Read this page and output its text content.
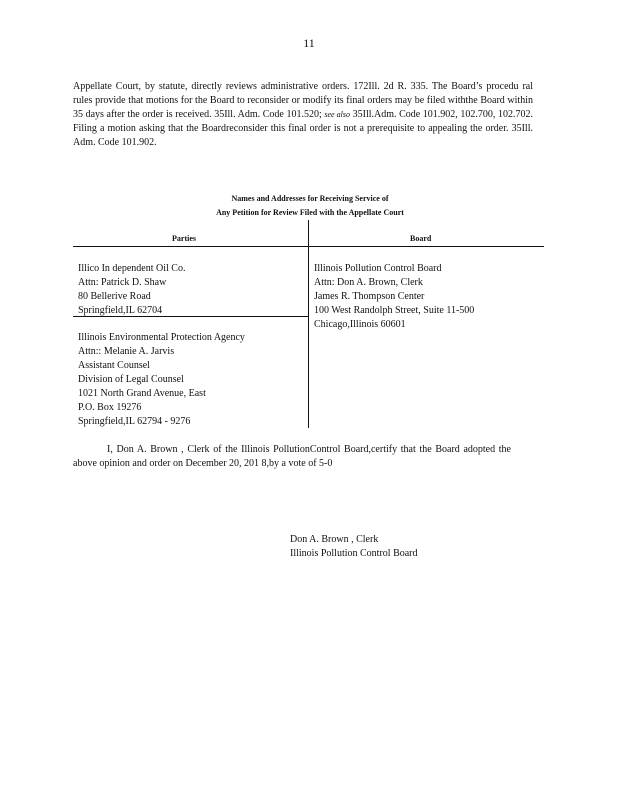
11

Appellate Court, by statute, directly reviews administrative orders. 172Ill. 2d R. 335. The Board’s procedu ral rules provide that motions for the Board to reconsider or modify its final orders may be filed withthe Board within 35 days after the order is received. 35Ill. Adm. Code 101.520; see also 35Ill.Adm. Code 101.902, 102.700, 102.702. Filing a motion asking that the Boardreconsider this final order is not a prerequisite to appealing the order. 35Ill. Adm. Code 101.902.

Names and Addresses for Receiving Service of
Any Petition for Review Filed with the Appellate Court
Parties	Board
Illico In dependent Oil Co.
Attn: Patrick D. Shaw
80 Bellerive Road
Springfield,IL 62704
Illinois Pollution Control Board
Attn: Don A. Brown, Clerk
James R. Thompson Center
100 West Randolph Street, Suite 11-500
Chicago,Illinois 60601
Illinois Environmental Protection Agency
Attn:: Melanie A. Jarvis
Assistant Counsel
Division of Legal Counsel
1021 North Grand Avenue, East
P.O. Box 19276
Springfield,IL 62794 - 9276

I, Don A. Brown , Clerk of the Illinois PollutionControl Board,certify that the Board adopted the above opinion and order on December 20, 201 8,by a vote of 5-0

Don A. Brown , Clerk
Illinois Pollution Control Board
